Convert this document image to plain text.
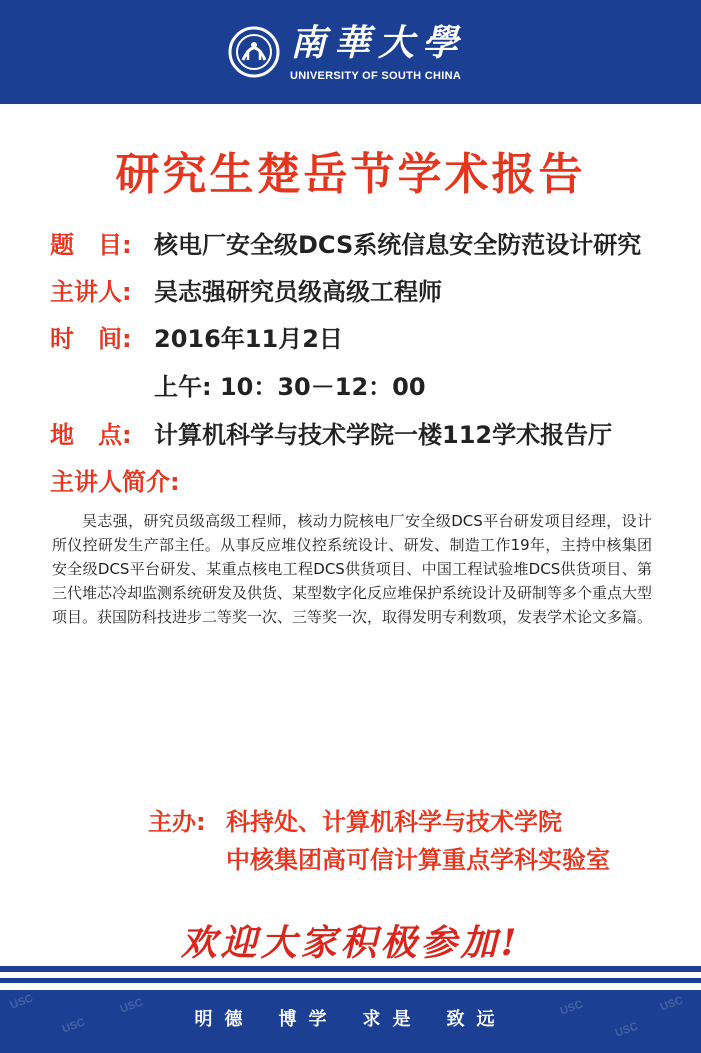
南華大學
UNIVERSITY OF SOUTH CHINA
研究生楚岳节学术报告
题　目: 核电厂安全级DCS系统信息安全防范设计研究
主讲人: 吴志强研究员级高级工程师
时　间: 2016年11月2日
上午: 10：30－12：00
地　点: 计算机科学与技术学院一楼112学术报告厅
主讲人简介:

吴志强，研究员级高级工程师，核动力院核电厂安全级DCS平台研发项目经理，设计所仪控研发生产部主任。从事反应堆仪控系统设计、研发、制造工作19年，主持中核集团安全级DCS平台研发、某重点核电工程DCS供货项目、中国工程试验堆DCS供货项目、第三代堆芯冷却监测系统研发及供货、某型数字化反应堆保护系统设计及研制等多个重点大型项目。获国防科技进步二等奖一次、三等奖一次，取得发明专利数项，发表学术论文多篇。

主办: 科持处、计算机科学与技术学院
中核集团高可信计算重点学科实验室
欢迎大家积极参加!
USC
USC
USC	USC
USC
USC
明德 博学 求是 致远
